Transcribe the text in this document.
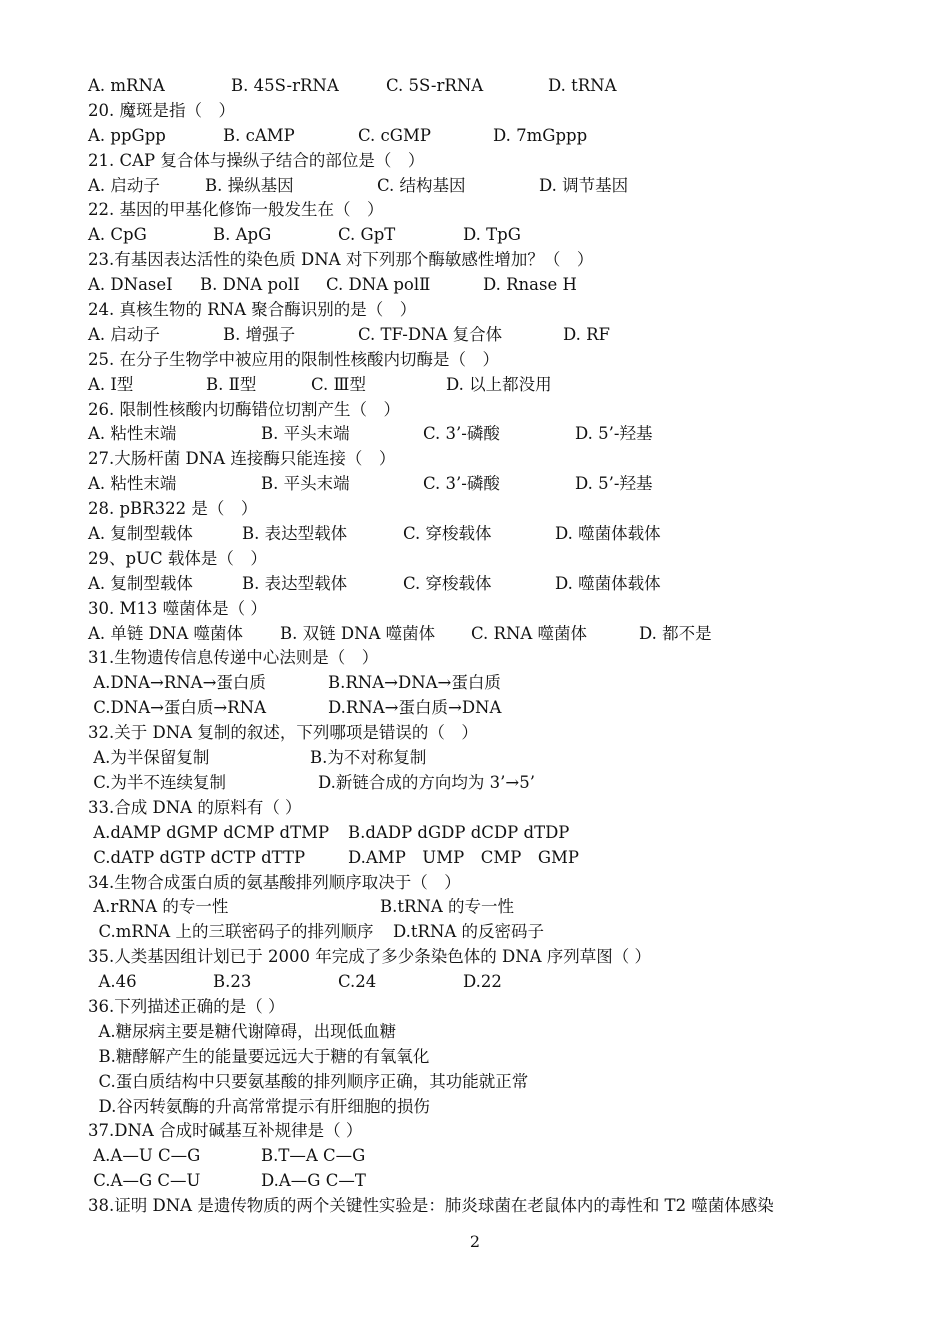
A. mRNA	B. 45S-rRNA	C. 5S-rRNA	D. tRNA
20. 魔斑是指（　）
A. ppGpp	B. cAMP	C. cGMP	D. 7mGppp
21. CAP 复合体与操纵子结合的部位是（　）
A. 启动子	B. 操纵基因	C. 结构基因	D. 调节基因
22. 基因的甲基化修饰一般发生在（　）
A. CpG	B. ApG	C. GpT	D. TpG
23.有基因表达活性的染色质 DNA 对下列那个酶敏感性增加？（　）
A. DNaseⅠ B. DNA polⅠ C. DNA polⅡ	D. Rnase H
24. 真核生物的 RNA 聚合酶识别的是（　）
A. 启动子	B. 增强子	C. TF-DNA 复合体	D. RF
25. 在分子生物学中被应用的限制性核酸内切酶是（　）
A. Ⅰ型	B. Ⅱ型	C. Ⅲ型	D. 以上都没用
26. 限制性核酸内切酶错位切割产生（　）
A. 粘性末端	B. 平头末端	C. 3’-磷酸	D. 5’-羟基
27.大肠杆菌 DNA 连接酶只能连接（　）
A. 粘性末端	B. 平头末端	C. 3’-磷酸	D. 5’-羟基
28. pBR322 是（　）
A. 复制型载体	B. 表达型载体	C. 穿梭载体	D. 噬菌体载体
29、pUC 载体是（　）
A. 复制型载体	B. 表达型载体	C. 穿梭载体	D. 噬菌体载体
30. M13 噬菌体是（ ）
A. 单链 DNA 噬菌体 B. 双链 DNA 噬菌体 C. RNA 噬菌体	D. 都不是
31.生物遗传信息传递中心法则是（　）
A.DNA→RNA→蛋白质	B.RNA→DNA→蛋白质
C.DNA→蛋白质→RNA	D.RNA→蛋白质→DNA
32.关于 DNA 复制的叙述，下列哪项是错误的（　）
A.为半保留复制	B.为不对称复制
C.为半不连续复制	D.新链合成的方向均为 3’→5’
33.合成 DNA 的原料有（ ）
A.dAMP dGMP dCMP dTMP B.dADP dGDP dCDP dTDP
C.dATP dGTP dCTP dTTP	D.AMP　UMP　CMP　GMP
34.生物合成蛋白质的氨基酸排列顺序取决于（　）
A.rRNA 的专一性	B.tRNA 的专一性
C.mRNA 上的三联密码子的排列顺序 D.tRNA 的反密码子
35.人类基因组计划已于 2000 年完成了多少条染色体的 DNA 序列草图（ ）
A.46	B.23	C.24	D.22
36.下列描述正确的是（ ）
A.糖尿病主要是糖代谢障碍，出现低血糖
B.糖酵解产生的能量要远远大于糖的有氧氧化
C.蛋白质结构中只要氨基酸的排列顺序正确，其功能就正常
D.谷丙转氨酶的升高常常提示有肝细胞的损伤
37.DNA 合成时碱基互补规律是（ ）
A.A—U C—G	B.T—A C—G
C.A—G C—U	D.A—G C—T
38.证明 DNA 是遗传物质的两个关键性实验是：肺炎球菌在老鼠体内的毒性和 T2 噬菌体感染
2
